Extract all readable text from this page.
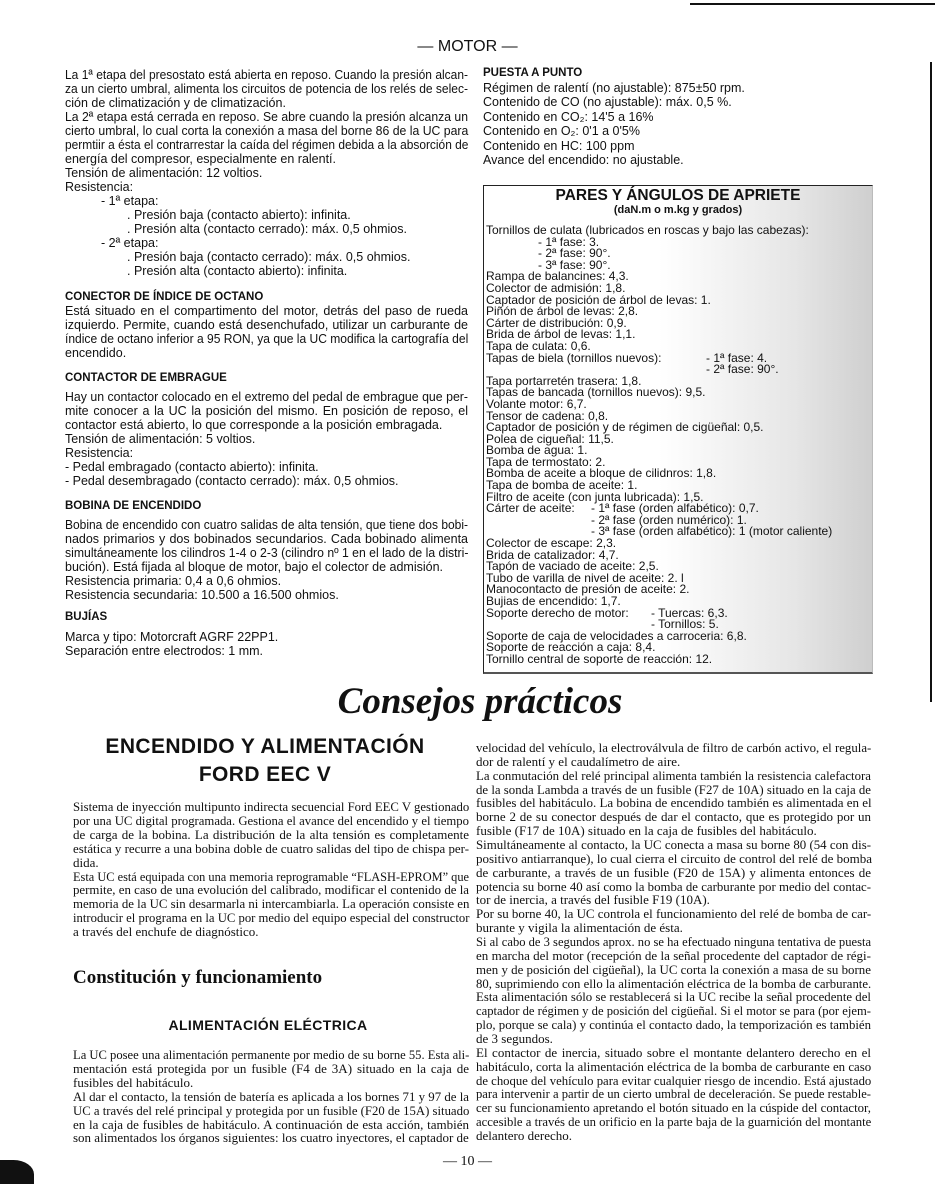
— MOTOR —
La 1ª etapa del presostato está abierta en reposo. Cuando la presión alcan-
za un cierto umbral, alimenta los circuitos de potencia de los relés de selec-
ción de climatización y de climatización.
La 2ª etapa está cerrada en reposo. Se abre cuando la presión alcanza un
cierto umbral, lo cual corta la conexión a masa del borne 86 de la UC para
permtiir a ésta el contrarrestar la caída del régimen debida a la absorción de
energía del compresor, especialmente en ralentí.
Tensión de alimentación: 12 voltios.
Resistencia:
- 1ª etapa:
. Presión baja (contacto abierto): infinita.
. Presión alta (contacto cerrado): máx. 0,5 ohmios.
- 2ª etapa:
. Presión baja (contacto cerrado): máx. 0,5 ohmios.
. Presión alta (contacto abierto): infinita.
CONECTOR DE ÍNDICE DE OCTANO
Está situado en el compartimento del motor, detrás del paso de rueda
izquierdo. Permite, cuando está desenchufado, utilizar un carburante de
índice de octano inferior a 95 RON, ya que la UC modifica la cartografía del
encendido.
CONTACTOR DE EMBRAGUE
Hay un contactor colocado en el extremo del pedal de embrague que per-
mite conocer a la UC la posición del mismo. En posición de reposo, el
contactor está abierto, lo que corresponde a la posición embragada.
Tensión de alimentación: 5 voltios.
Resistencia:
- Pedal embragado (contacto abierto): infinita.
- Pedal desembragado (contacto cerrado): máx. 0,5 ohmios.
BOBINA DE ENCENDIDO
Bobina de encendido con cuatro salidas de alta tensión, que tiene dos bobi-
nados primarios y dos bobinados secundarios. Cada bobinado alimenta
simultáneamente los cilindros 1-4 o 2-3 (cilindro nº 1 en el lado de la distri-
bución). Está fijada al bloque de motor, bajo el colector de admisión.
Resistencia primaria: 0,4 a 0,6 ohmios.
Resistencia secundaria: 10.500 a 16.500 ohmios.
BUJÍAS
Marca y tipo: Motorcraft AGRF 22PP1.
Separación entre electrodos: 1 mm.
PUESTA A PUNTO
Régimen de ralentí (no ajustable): 875±50 rpm.
Contenido de CO (no ajustable): máx. 0,5 %.
Contenido en CO₂: 14'5 a 16%
Contenido en O₂: 0'1 a 0'5%
Contenido en HC: 100 ppm
Avance del encendido: no ajustable.
PARES Y ÁNGULOS DE APRIETE
(daN.m o m.kg y grados)
Tornillos de culata (lubricados en roscas y bajo las cabezas):
- 1ª fase: 3.
- 2ª fase: 90°.
- 3ª fase: 90°.
Rampa de balancines: 4,3.
Colector de admisión: 1,8.
Captador de posición de árbol de levas: 1.
Piñón de árbol de levas: 2,8.
Cárter de distribución: 0,9.
Brida de árbol de levas: 1,1.
Tapa de culata: 0,6.
Tapas de biela (tornillos nuevos):	- 1ª fase: 4.
- 2ª fase: 90°.
Tapa portarretén trasera: 1,8.
Tapas de bancada (tornillos nuevos): 9,5.
Volante motor: 6,7.
Tensor de cadena: 0,8.
Captador de posición y de régimen de cigüeñal: 0,5.
Polea de cigueñal: 11,5.
Bomba de agua: 1.
Tapa de termostato: 2.
Bomba de aceite a bloque de cilidnros: 1,8.
Tapa de bomba de aceite: 1.
Filtro de aceite (con junta lubricada): 1,5.
Cárter de aceite: - 1ª fase (orden alfabético): 0,7.
- 2ª fase (orden numérico): 1.
- 3ª fase (orden alfabético): 1 (motor caliente)
Colector de escape: 2,3.
Brida de catalizador: 4,7.
Tapón de vaciado de aceite: 2,5.
Tubo de varilla de nivel de aceite: 2. l
Manocontacto de presión de aceite: 2.
Bujias de encendido: 1,7.
Soporte derecho de motor: - Tuercas: 6,3.
- Tornillos: 5.
Soporte de caja de velocidades a carroceria: 6,8.
Soporte de reacción a caja: 8,4.
Tornillo central de soporte de reacción: 12.
Consejos prácticos
ENCENDIDO Y ALIMENTACIÓN
FORD EEC V
Sistema de inyección multipunto indirecta secuencial Ford EEC V gestionado
por una UC digital programada. Gestiona el avance del encendido y el tiempo
de carga de la bobina. La distribución de la alta tensión es completamente
estática y recurre a una bobina doble de cuatro salidas del tipo de chispa per-
dida.
Esta UC está equipada con una memoria reprogramable “FLASH-EPROM” que
permite, en caso de una evolución del calibrado, modificar el contenido de la
memoria de la UC sin desarmarla ni intercambiarla. La operación consiste en
introducir el programa en la UC por medio del equipo especial del constructor
a través del enchufe de diagnóstico.
Constitución y funcionamiento
ALIMENTACIÓN ELÉCTRICA
La UC posee una alimentación permanente por medio de su borne 55. Esta ali-
mentación está protegida por un fusible (F4 de 3A) situado en la caja de
fusibles del habitáculo.
Al dar el contacto, la tensión de batería es aplicada a los bornes 71 y 97 de la
UC a través del relé principal y protegida por un fusible (F20 de 15A) situado
en la caja de fusibles de habitáculo. A continuación de esta acción, también
son alimentados los órganos siguientes: los cuatro inyectores, el captador de
velocidad del vehículo, la electroválvula de filtro de carbón activo, el regula-
dor de ralentí y el caudalímetro de aire.
La conmutación del relé principal alimenta también la resistencia calefactora
de la sonda Lambda a través de un fusible (F27 de 10A) situado en la caja de
fusibles del habitáculo. La bobina de encendido también es alimentada en el
borne 2 de su conector después de dar el contacto, que es protegido por un
fusible (F17 de 10A) situado en la caja de fusibles del habitáculo.
Simultáneamente al contacto, la UC conecta a masa su borne 80 (54 con dis-
positivo antiarranque), lo cual cierra el circuito de control del relé de bomba
de carburante, a través de un fusible (F20 de 15A) y alimenta entonces de
potencia su borne 40 así como la bomba de carburante por medio del contac-
tor de inercia, a través del fusible F19 (10A).
Por su borne 40, la UC controla el funcionamiento del relé de bomba de car-
burante y vigila la alimentación de ésta.
Si al cabo de 3 segundos aprox. no se ha efectuado ninguna tentativa de puesta
en marcha del motor (recepción de la señal procedente del captador de régi-
men y de posición del cigüeñal), la UC corta la conexión a masa de su borne
80, suprimiendo con ello la alimentación eléctrica de la bomba de carburante.
Esta alimentación sólo se restablecerá si la UC recibe la señal procedente del
captador de régimen y de posición del cigüeñal. Si el motor se para (por ejem-
plo, porque se cala) y continúa el contacto dado, la temporización es también
de 3 segundos.
El contactor de inercia, situado sobre el montante delantero derecho en el
habitáculo, corta la alimentación eléctrica de la bomba de carburante en caso
de choque del vehículo para evitar cualquier riesgo de incendio. Está ajustado
para intervenir a partir de un cierto umbral de deceleración. Se puede restable-
cer su funcionamiento apretando el botón situado en la cúspide del contactor,
accesible a través de un orificio en la parte baja de la guarnición del montante
delantero derecho.
— 10 —
